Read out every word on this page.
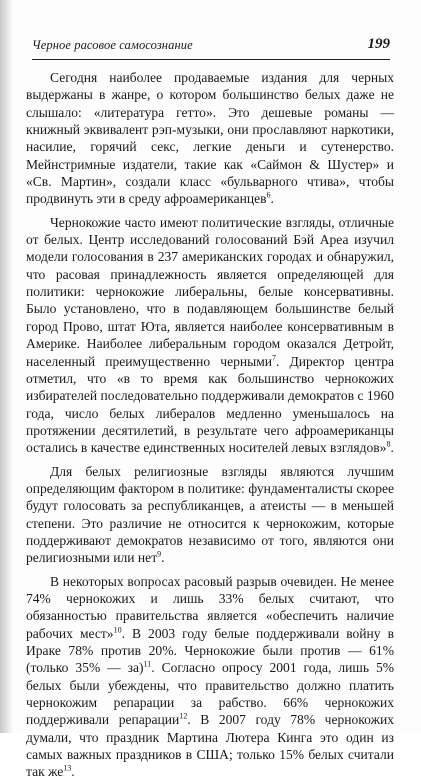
Черное расовое самосознание	199

Сегодня наиболее продаваемые издания для черных выдержаны в жанре, о котором большинство белых даже не слышало: «литература гетто». Это дешевые романы — книжный эквивалент рэп-музыки, они прославляют наркотики, насилие, горячий секс, легкие деньги и сутенерство. Мейнстримные издатели, такие как «Саймон & Шустер» и «Св. Мартин», создали класс «бульварного чтива», чтобы продвинуть эти в среду афроамериканцев$^6$.

Чернокожие часто имеют политические взгляды, отличные от белых. Центр исследований голосований Бэй Ареа изучил модели голосования в 237 американских городах и обнаружил, что расовая принадлежность является определяющей для политики: чернокожие либеральны, белые консервативны. Было установлено, что в подавляющем большинстве белый город Прово, штат Юта, является наиболее консервативным в Америке. Наиболее либеральным городом оказался Детройт, населенный преимущественно черными$^7$. Директор центра отметил, что «в то время как большинство чернокожих избирателей последовательно поддерживали демократов с 1960 года, число белых либералов медленно уменьшалось на протяжении десятилетий, в результате чего афроамериканцы остались в качестве единственных носителей левых взглядов»$^8$.

Для белых религиозные взгляды являются лучшим определяющим фактором в политике: фундаменталисты скорее будут голосовать за республиканцев, а атеисты — в меньшей степени. Это различие не относится к чернокожим, которые поддерживают демократов независимо от того, являются они религиозными или нет$^9$.

В некоторых вопросах расовый разрыв очевиден. Не менее 74% чернокожих и лишь 33% белых считают, что обязанностью правительства является «обеспечить наличие рабочих мест»$^{10}$. В 2003 году белые поддерживали войну в Ираке 78% против 20%. Чернокожие были против — 61% (только 35% — за)$^{11}$. Согласно опросу 2001 года, лишь 5% белых были убеждены, что правительство должно платить чернокожим репарации за рабство. 66% чернокожих поддерживали репарации$^{12}$. В 2007 году 78% чернокожих думали, что праздник Мартина Лютера Кинга это один из самых важных праздников в США; только 15% белых считали так $же^{13}$.
